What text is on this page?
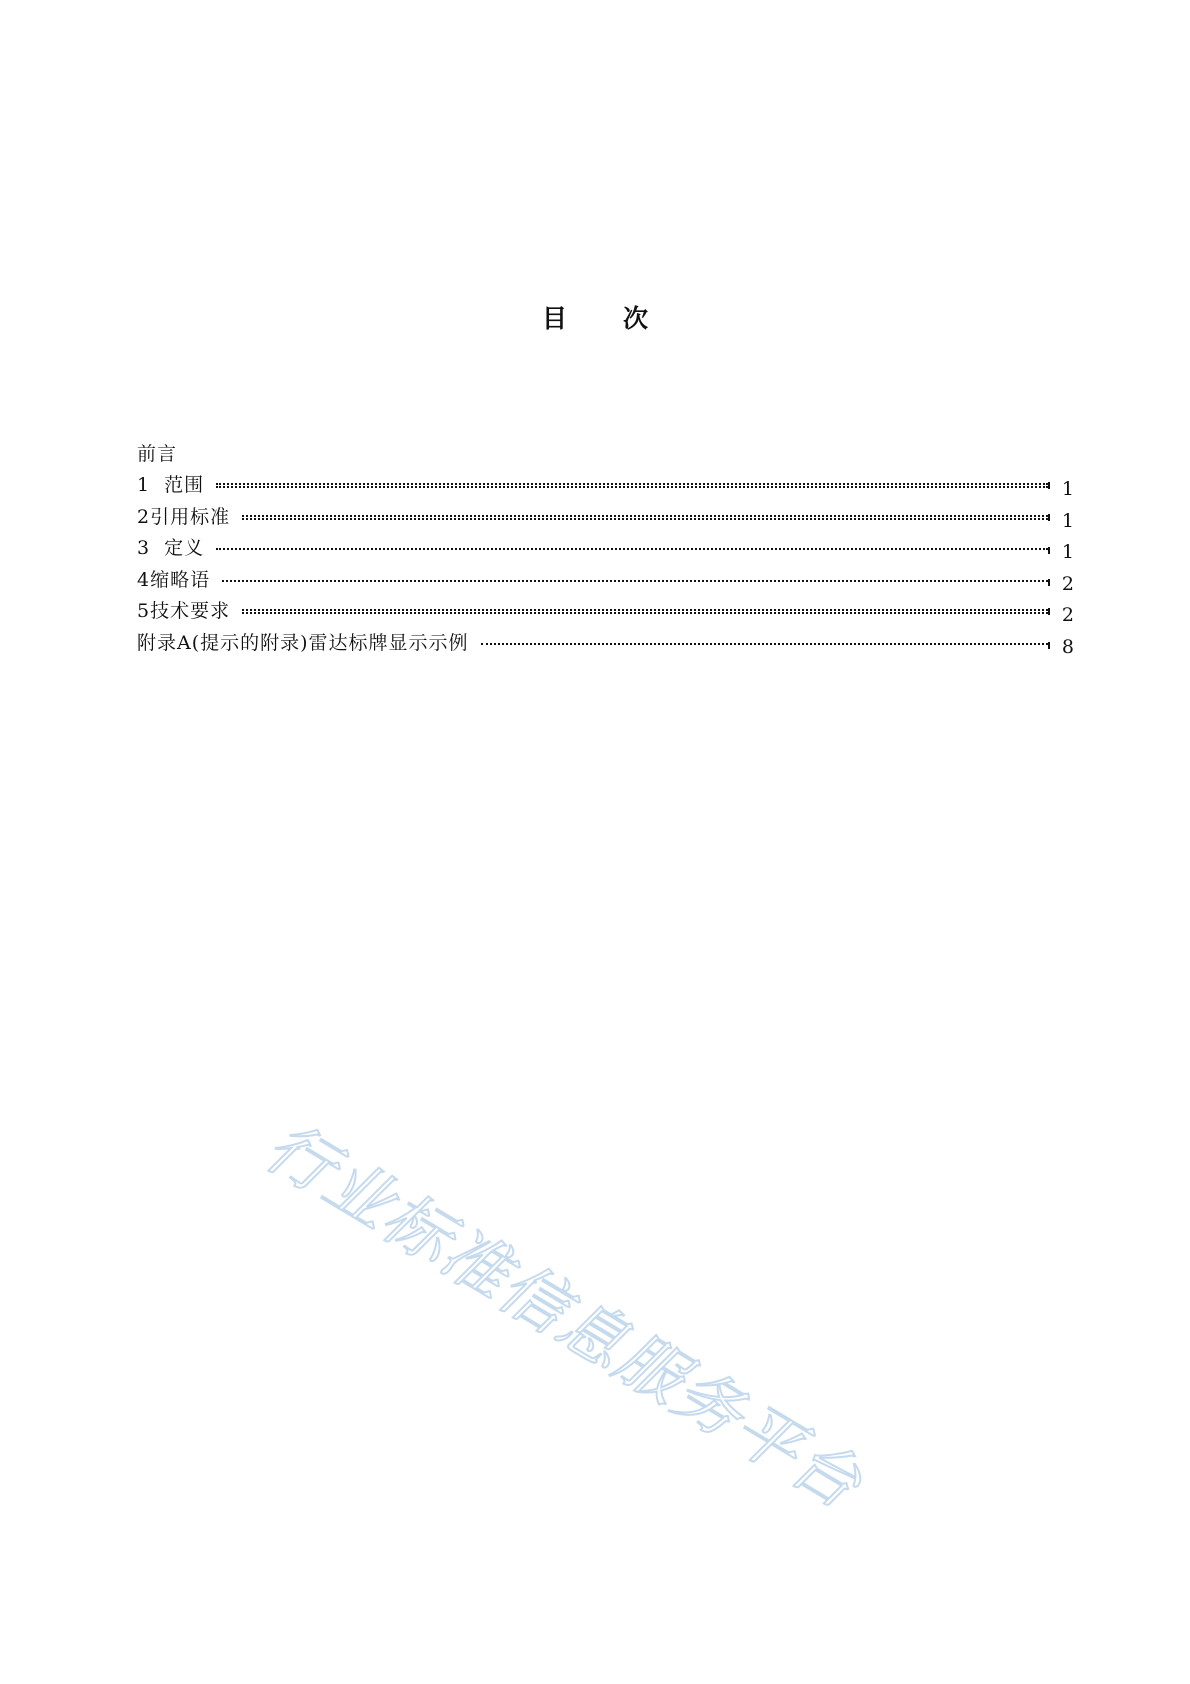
目次
前言
1  范围	1
2引用标准	1
3  定义	1
4缩略语	2
5技术要求	2
附录A(提示的附录)雷达标牌显示示例	8
行业标准信息服务平台
